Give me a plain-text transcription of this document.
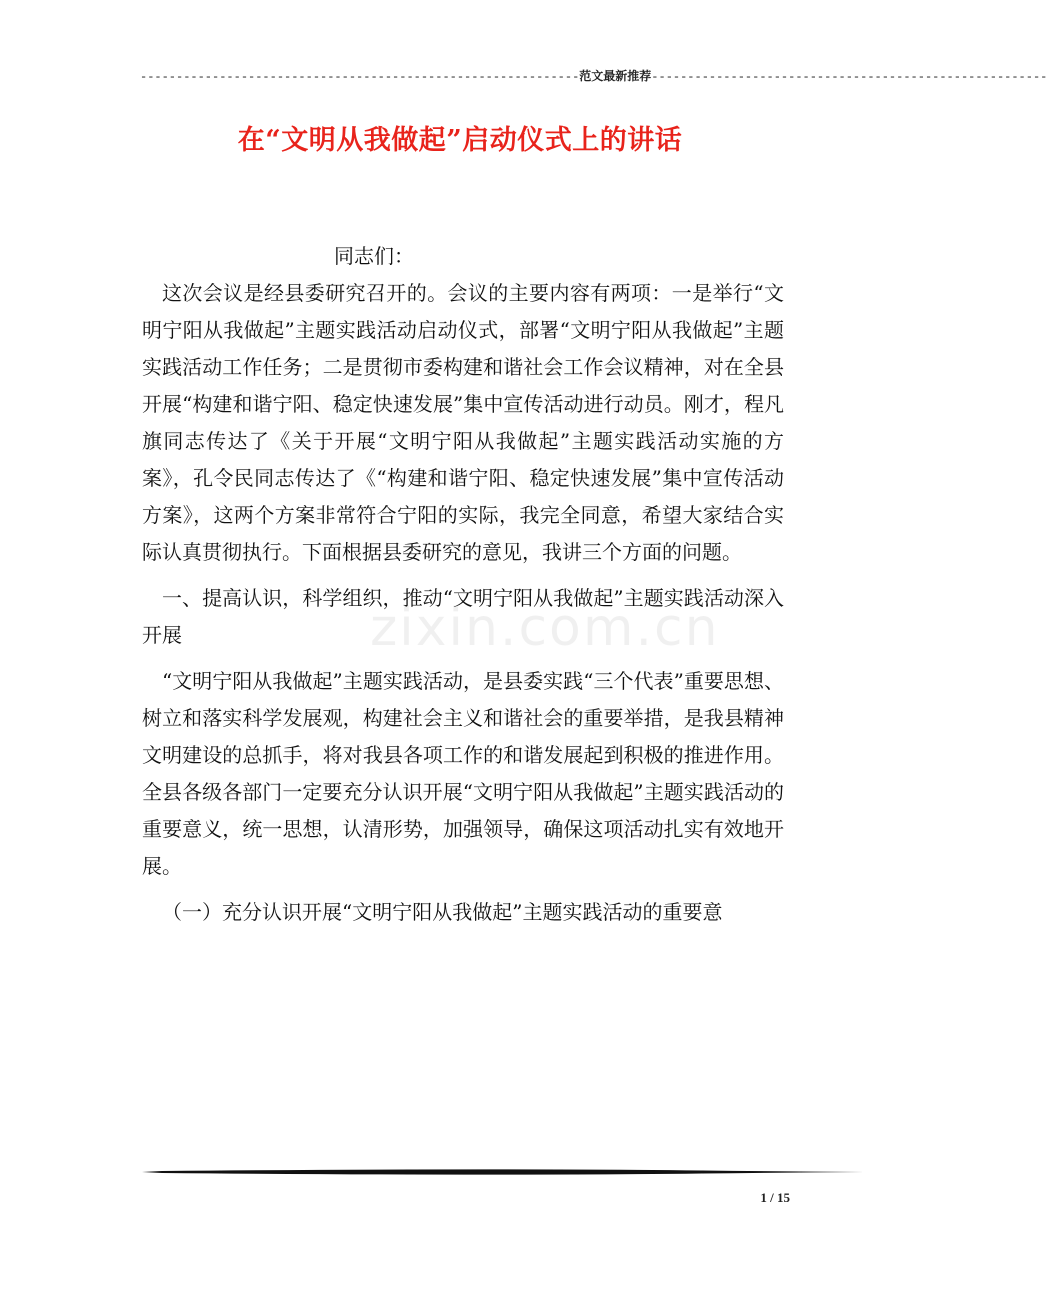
-------------------------------------------------------------范文最新推荐-------------------------------------------------------
在“文明从我做起”启动仪式上的讲话
zixin.com.cn

同志们：

这次会议是经县委研究召开的。会议的主要内容有两项：一是举行“文明宁阳从我做起”主题实践活动启动仪式，部署“文明宁阳从我做起”主题实践活动工作任务；二是贯彻市委构建和谐社会工作会议精神，对在全县开展“构建和谐宁阳、稳定快速发展”集中宣传活动进行动员。刚才，程凡旗同志传达了《关于开展“文明宁阳从我做起”主题实践活动实施的方案》，孔令民同志传达了《“构建和谐宁阳、稳定快速发展”集中宣传活动方案》，这两个方案非常符合宁阳的实际，我完全同意，希望大家结合实际认真贯彻执行。下面根据县委研究的意见，我讲三个方面的问题。

一、提高认识，科学组织，推动“文明宁阳从我做起”主题实践活动深入开展

“文明宁阳从我做起”主题实践活动，是县委实践“三个代表”重要思想、树立和落实科学发展观，构建社会主义和谐社会的重要举措，是我县精神文明建设的总抓手，将对我县各项工作的和谐发展起到积极的推进作用。全县各级各部门一定要充分认识开展“文明宁阳从我做起”主题实践活动的重要意义，统一思想，认清形势，加强领导，确保这项活动扎实有效地开展。

（一）充分认识开展“文明宁阳从我做起”主题实践活动的重要意

1 / 15
